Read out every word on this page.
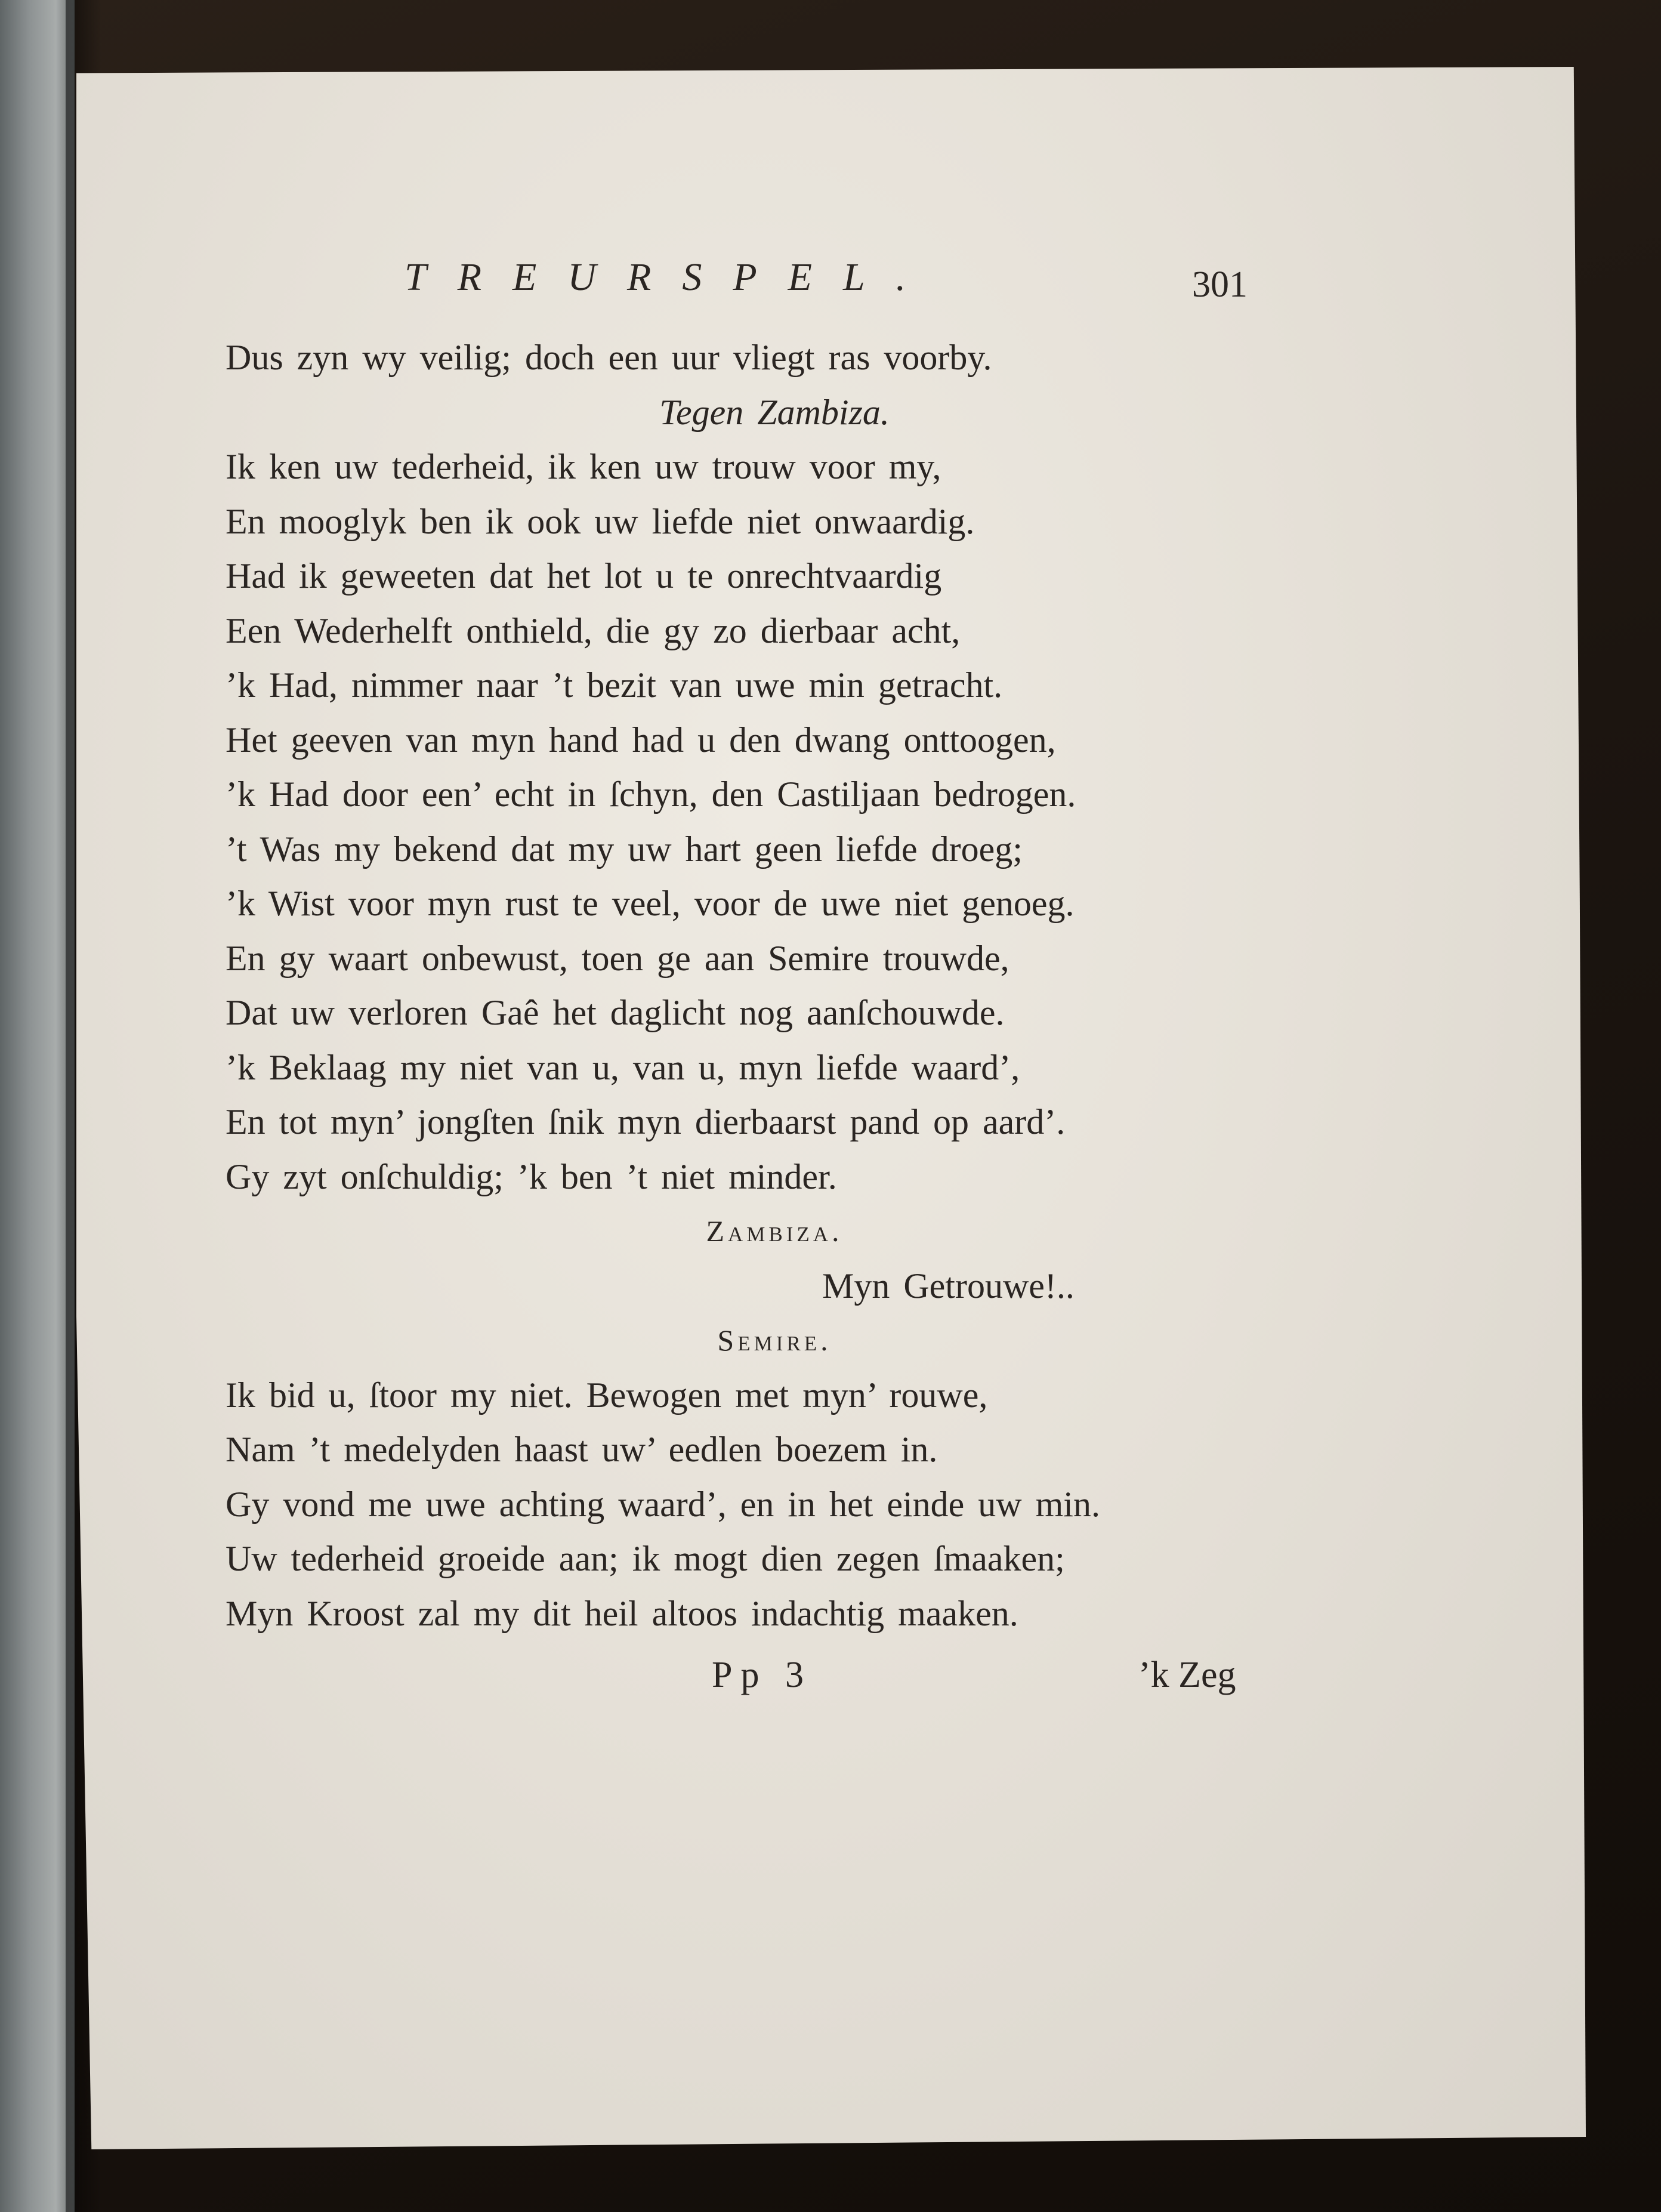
TREURSPEL.	301
Dus zyn wy veilig; doch een uur vliegt ras voorby.
Tegen Zambiza.
Ik ken uw tederheid, ik ken uw trouw voor my,
En mooglyk ben ik ook uw liefde niet onwaardig.
Had ik geweeten dat het lot u te onrechtvaardig
Een Wederhelft onthield, die gy zo dierbaar acht,
’k Had, nimmer naar ’t bezit van uwe min getracht.
Het geeven van myn hand had u den dwang onttoogen,
’k Had door een’ echt in ſchyn, den Castiljaan bedrogen.
’t Was my bekend dat my uw hart geen liefde droeg;
’k Wist voor myn rust te veel, voor de uwe niet genoeg.
En gy waart onbewust, toen ge aan Semire trouwde,
Dat uw verloren Gaê het daglicht nog aanſchouwde.
’k Beklaag my niet van u, van u, myn liefde waard’,
En tot myn’ jongſten ſnik myn dierbaarst pand op aard’.
Gy zyt onſchuldig; ’k ben ’t niet minder.
Zambiza.
Myn Getrouwe!..
Semire.
Ik bid u, ſtoor my niet. Bewogen met myn’ rouwe,
Nam ’t medelyden haast uw’ eedlen boezem in.
Gy vond me uwe achting waard’, en in het einde uw min.
Uw tederheid groeide aan; ik mogt dien zegen ſmaaken;
Myn Kroost zal my dit heil altoos indachtig maaken.
Pp 3	’k Zeg
